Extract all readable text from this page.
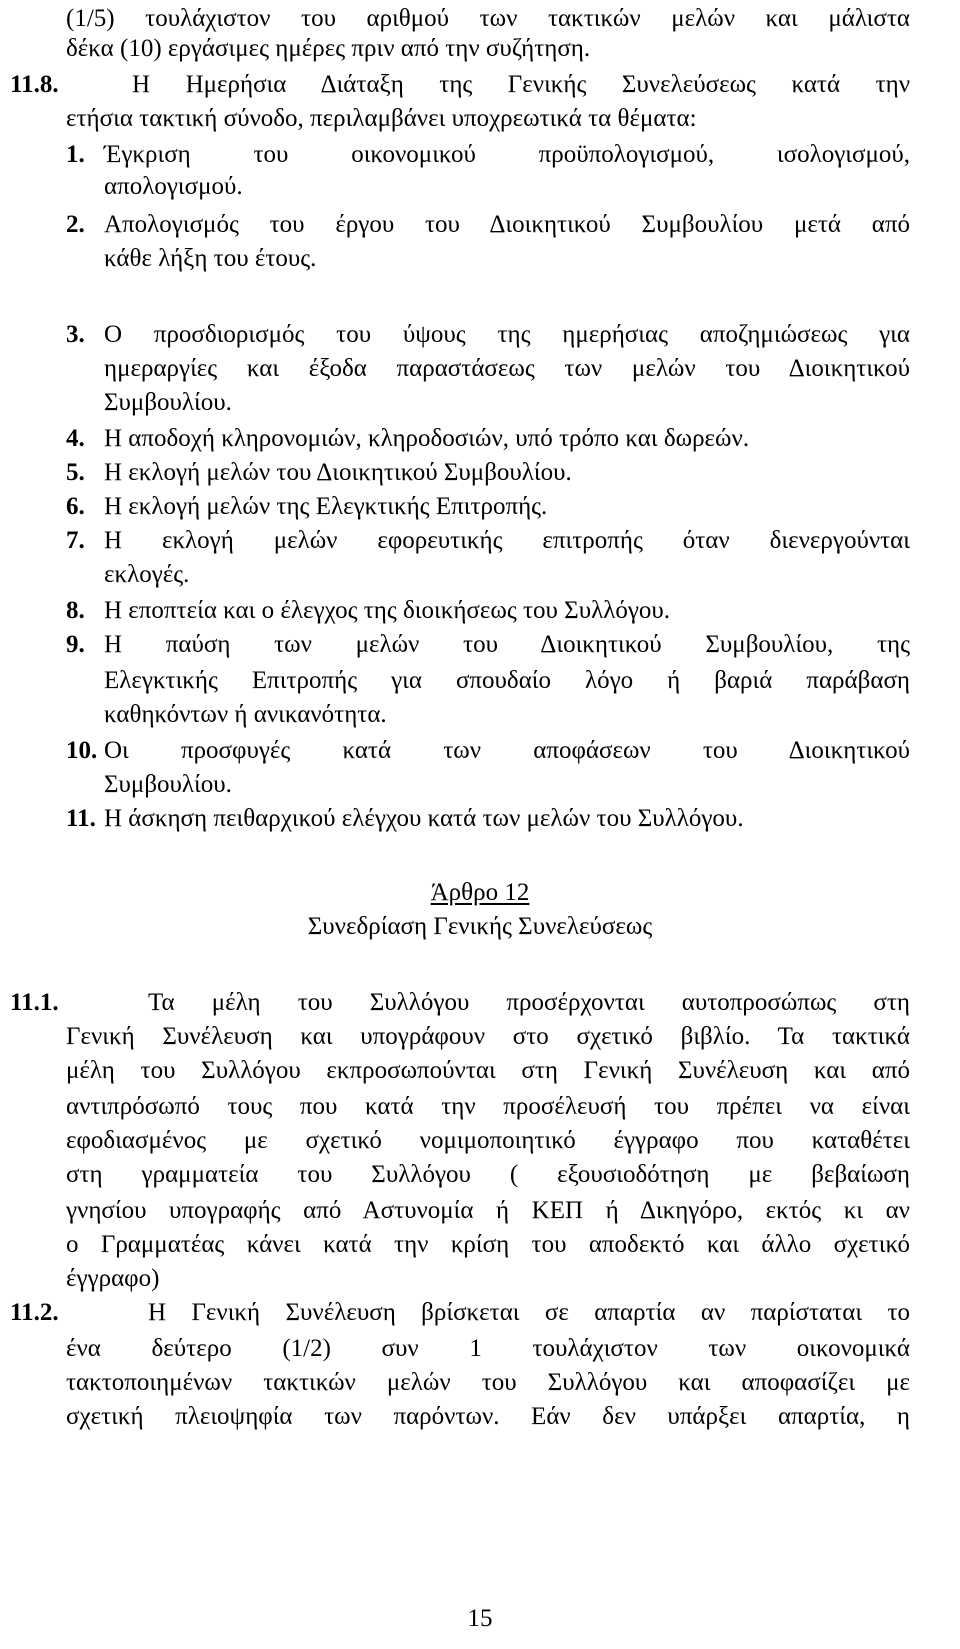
(1/5) τουλάχιστον του αριθμού των τακτικών μελών και μάλιστα
δέκα (10) εργάσιμες ημέρες πριν από την συζήτηση.
11.8.	Η Ημερήσια Διάταξη της Γενικής Συνελεύσεως κατά την
ετήσια τακτική σύνοδο, περιλαμβάνει υποχρεωτικά τα θέματα:
1. Έγκριση του οικονομικού προϋπολογισμού, ισολογισμού,
απολογισμού.
2. Απολογισμός του έργου του Διοικητικού Συμβουλίου μετά από
κάθε λήξη του έτους.
3. Ο προσδιορισμός του ύψους της ημερήσιας αποζημιώσεως για
ημεραργίες και έξοδα παραστάσεως των μελών του Διοικητικού
Συμβουλίου.
4. Η αποδοχή κληρονομιών, κληροδοσιών, υπό τρόπο και δωρεών.
5. Η εκλογή μελών του Διοικητικού Συμβουλίου.
6. Η εκλογή μελών της Ελεγκτικής Επιτροπής.
7. Η εκλογή μελών εφορευτικής επιτροπής όταν διενεργούνται
εκλογές.
8. Η εποπτεία και ο έλεγχος της διοικήσεως του Συλλόγου.
9. Η παύση των μελών του Διοικητικού Συμβουλίου, της
Ελεγκτικής Επιτροπής για σπουδαίο λόγο ή βαριά παράβαση
καθηκόντων ή ανικανότητα.
10. Οι προσφυγές κατά των αποφάσεων του Διοικητικού
Συμβουλίου.
11. Η άσκηση πειθαρχικού ελέγχου κατά των μελών του Συλλόγου.
Άρθρο 12
Συνεδρίαση Γενικής Συνελεύσεως
11.1.	Τα μέλη του Συλλόγου προσέρχονται αυτοπροσώπως στη
Γενική Συνέλευση και υπογράφουν στο σχετικό βιβλίο. Τα τακτικά
μέλη του Συλλόγου εκπροσωπούνται στη Γενική Συνέλευση και από
αντιπρόσωπό τους που κατά την προσέλευσή του πρέπει να είναι
εφοδιασμένος με σχετικό νομιμοποιητικό έγγραφο που καταθέτει
στη γραμματεία του Συλλόγου ( εξουσιοδότηση με βεβαίωση
γνησίου υπογραφής από Αστυνομία ή ΚΕΠ ή Δικηγόρο, εκτός κι αν
ο Γραμματέας κάνει κατά την κρίση του αποδεκτό και άλλο σχετικό
έγγραφο)
11.2.	Η Γενική Συνέλευση βρίσκεται σε απαρτία αν παρίσταται το
ένα δεύτερο (1/2) συν 1 τουλάχιστον των οικονομικά
τακτοποιημένων τακτικών μελών του Συλλόγου και αποφασίζει με
σχετική πλειοψηφία των παρόντων. Εάν δεν υπάρξει απαρτία, η
15
